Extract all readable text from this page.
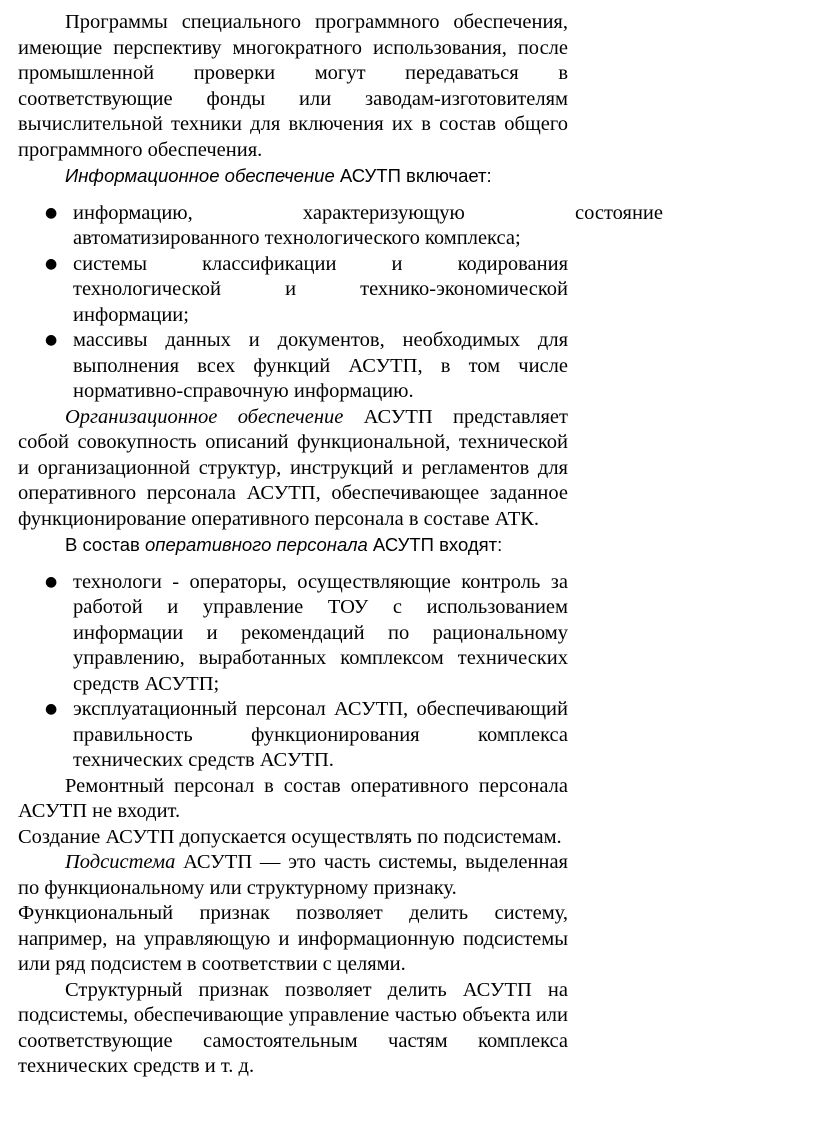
Программы специального программного обеспечения, имеющие перспективу многократного использования, после промышленной проверки могут передаваться в соответствующие фонды или заводам-изготовителям вычислительной техники для включения их в состав общего программного обеспечения.

Информационное обеспечение АСУТП включает:

● информацию, характеризующую состояние
автоматизированного технологического комплекса;
● системы классификации и кодирования технологической и технико-экономической информации;
● массивы данных и документов, необходимых для выполнения всех функций АСУТП, в том числе нормативно-справочную информацию.

Организационное обеспечение АСУТП представляет собой совокупность описаний функциональной, технической и организационной структур, инструкций и регламентов для оперативного персонала АСУТП, обеспечивающее заданное функционирование оперативного персонала в составе АТК.

В состав оперативного персонала АСУТП входят:

● технологи - операторы, осуществляющие контроль за работой и управление ТОУ с использованием информации и рекомендаций по рациональному управлению, выработанных комплексом технических средств АСУТП;
● эксплуатационный персонал АСУТП, обеспечивающий правильность функционирования комплекса технических средств АСУТП.

Ремонтный персонал в состав оперативного персонала АСУТП не входит.

Создание АСУТП допускается осуществлять по подсистемам.

Подсистема АСУТП — это часть системы, выделенная по функциональному или структурному признаку.

Функциональный признак позволяет делить систему, например, на управляющую и информационную подсистемы или ряд подсистем в соответствии с целями.

Структурный признак позволяет делить АСУТП на подсистемы, обеспечивающие управление частью объекта или соответствующие самостоятельным частям комплекса технических средств и т. д.
